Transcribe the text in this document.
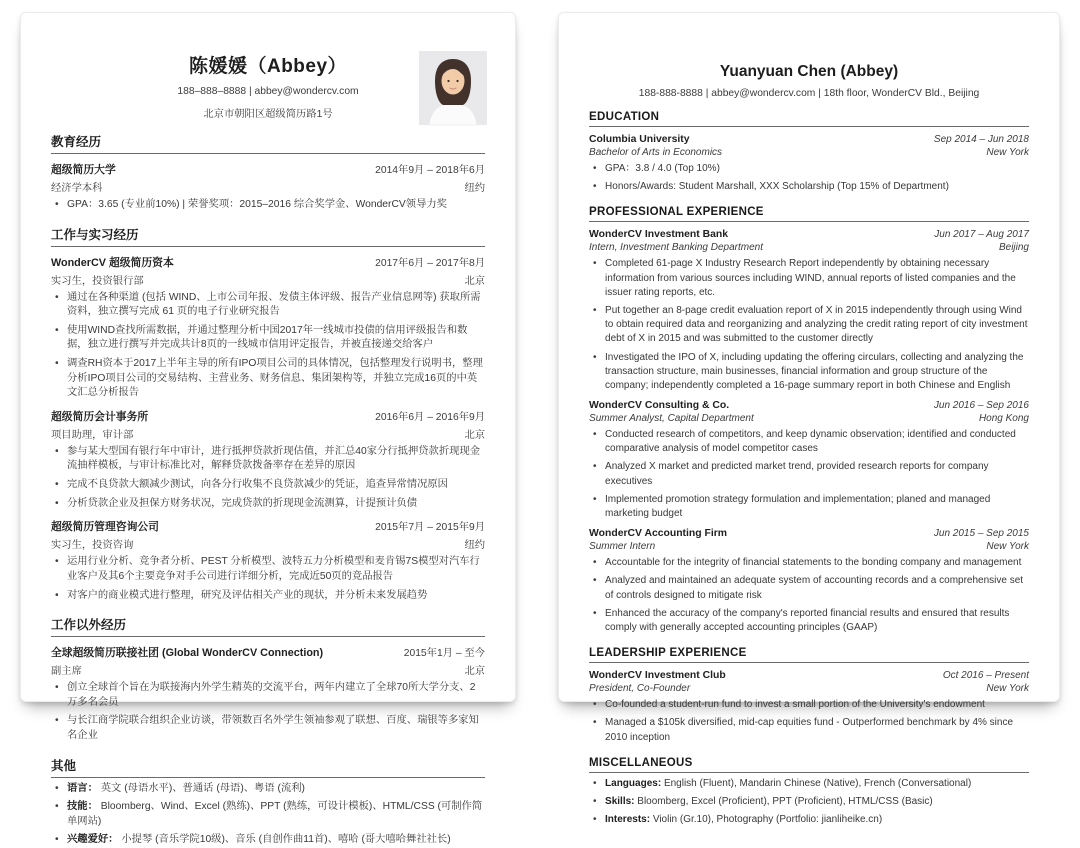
陈媛媛（Abbey）
188–888–8888 | abbey@wondercv.com
北京市朝阳区超级简历路1号
教育经历
超级简历大学	2014年9月 – 2018年6月
经济学本科	纽约
• GPA：3.65 (专业前10%) | 荣誉奖项：2015–2016 综合奖学金、WonderCV领导力奖
工作与实习经历
WonderCV 超级简历资本	2017年6月 – 2017年8月
实习生，投资银行部	北京
• 通过在各种渠道 (包括 WIND、上市公司年报、发债主体评级、报告产业信息网等) 获取所需资料，独立撰写完成 61 页的电子行业研究报告
• 使用WIND查找所需数据，并通过整理分析中国2017年一线城市投债的信用评级报告和数据，独立进行撰写并完成共计8页的一线城市信用评定报告，并被直接递交给客户
• 调查RH资本于2017上半年主导的所有IPO项目公司的具体情况，包括整理发行说明书，整理分析IPO项目公司的交易结构、主营业务、财务信息、集团架构等，并独立完成16页的中英文汇总分析报告
超级简历会计事务所	2016年6月 – 2016年9月
项目助理，审计部	北京
• 参与某大型国有银行年中审计，进行抵押贷款折现估值，并汇总40家分行抵押贷款折现现金流抽样模板，与审计标准比对，解释贷款拨备率存在差异的原因
• 完成不良贷款大额减少测试，向各分行收集不良贷款减少的凭证，追查异常情况原因
• 分析贷款企业及担保方财务状况，完成贷款的折现现金流测算，计提预计负债
超级简历管理咨询公司	2015年7月 – 2015年9月
实习生，投资咨询	纽约
• 运用行业分析、竞争者分析、PEST 分析模型、波特五力分析模型和麦肯锡7S模型对汽车行业客户及其6个主要竞争对手公司进行详细分析，完成近50页的竞品报告
• 对客户的商业模式进行整理，研究及评估相关产业的现状，并分析未来发展趋势
工作以外经历
全球超级简历联接社团 (Global WonderCV Connection)	2015年1月 – 至今
副主席	北京
• 创立全球首个旨在为联接海内外学生精英的交流平台，两年内建立了全球70所大学分支、2万多名会员
• 与长江商学院联合组织企业访谈，带领数百名外学生领袖参观了联想、百度、瑞银等多家知名企业
其他
• 语言： 英文 (母语水平)、普通话 (母语)、粤语 (流利)
• 技能： Bloomberg、Wind、Excel (熟练)、PPT (熟练，可设计模板)、HTML/CSS (可制作简单网站)
• 兴趣爱好： 小提琴 (音乐学院10级)、音乐 (自创作曲11首)、嘻哈 (哥大嘻哈舞社社长)
Yuanyuan Chen (Abbey)
188-888-8888 | abbey@wondercv.com | 18th floor, WonderCV Bld., Beijing
EDUCATION
Columbia University	Sep 2014 – Jun 2018
Bachelor of Arts in Economics	New York
• GPA：3.8 / 4.0 (Top 10%)
• Honors/Awards: Student Marshall, XXX Scholarship (Top 15% of Department)
PROFESSIONAL EXPERIENCE
WonderCV Investment Bank	Jun 2017 – Aug 2017
Intern, Investment Banking Department	Beijing
• Completed 61-page X Industry Research Report independently by obtaining necessary information from various sources including WIND, annual reports of listed companies and the issuer rating reports, etc.
• Put together an 8-page credit evaluation report of X in 2015 independently through using Wind to obtain required data and reorganizing and analyzing the credit rating report of city investment debt of X in 2015 and was submitted to the customer directly
• Investigated the IPO of X, including updating the offering circulars, collecting and analyzing the transaction structure, main businesses, financial information and group structure of the company; independently completed a 16-page summary report in both Chinese and English
WonderCV Consulting & Co.	Jun 2016 – Sep 2016
Summer Analyst, Capital Department	Hong Kong
• Conducted research of competitors, and keep dynamic observation; identified and conducted comparative analysis of model competitor cases
• Analyzed X market and predicted market trend, provided research reports for company executives
• Implemented promotion strategy formulation and implementation; planed and managed marketing budget
WonderCV Accounting Firm	Jun 2015 – Sep 2015
Summer Intern	New York
• Accountable for the integrity of financial statements to the bonding company and management
• Analyzed and maintained an adequate system of accounting records and a comprehensive set of controls designed to mitigate risk
• Enhanced the accuracy of the company's reported financial results and ensured that results comply with generally accepted accounting principles (GAAP)
LEADERSHIP EXPERIENCE
WonderCV Investment Club	Oct 2016 – Present
President, Co-Founder	New York
• Co-founded a student-run fund to invest a small portion of the University's endowment
• Managed a $105k diversified, mid-cap equities fund - Outperformed benchmark by 4% since 2010 inception
MISCELLANEOUS
• Languages: English (Fluent), Mandarin Chinese (Native), French (Conversational)
• Skills: Bloomberg, Excel (Proficient), PPT (Proficient), HTML/CSS (Basic)
• Interests: Violin (Gr.10), Photography (Portfolio: jianliheike.cn)
